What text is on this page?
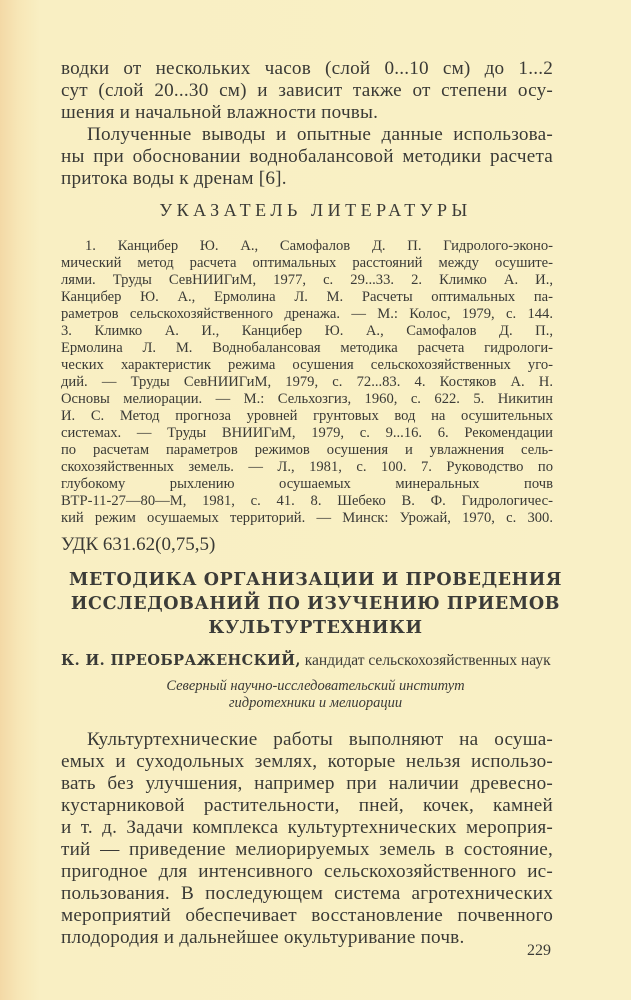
водки от нескольких часов (слой 0...10 см) до 1...2
сут (слой 20...30 см) и зависит также от степени осу-
шения и начальной влажности почвы.
Полученные выводы и опытные данные использова-
ны при обосновании воднобалансовой методики расчета
притока воды к дренам [6].
УКАЗАТЕЛЬ ЛИТЕРАТУРЫ
1. Канцибер Ю. А., Самофалов Д. П. Гидролого-эконо-
мический метод расчета оптимальных расстояний между осушите-
лями. Труды СевНИИГиМ, 1977, с. 29...33. 2. Климко А. И.,
Канцибер Ю. А., Ермолина Л. М. Расчеты оптимальных па-
раметров сельскохозяйственного дренажа. — М.: Колос, 1979, с. 144.
3. Климко А. И., Канцибер Ю. А., Самофалов Д. П.,
Ермолина Л. М. Воднобалансовая методика расчета гидрологи-
ческих характеристик режима осушения сельскохозяйственных уго-
дий. — Труды СевНИИГиМ, 1979, с. 72...83. 4. Костяков А. Н.
Основы мелиорации. — М.: Сельхозгиз, 1960, с. 622. 5. Никитин
И. С. Метод прогноза уровней грунтовых вод на осушительных
системах. — Труды ВНИИГиМ, 1979, с. 9...16. 6. Рекомендации
по расчетам параметров режимов осушения и увлажнения сель-
скохозяйственных земель. — Л., 1981, с. 100. 7. Руководство по
глубокому рыхлению осушаемых минеральных почв
ВТР-11-27—80—М, 1981, с. 41. 8. Шебеко В. Ф. Гидрологичес-
кий режим осушаемых территорий. — Минск: Урожай, 1970, с. 300.
УДК 631.62(0,75,5)
МЕТОДИКА ОРГАНИЗАЦИИ И ПРОВЕДЕНИЯ
ИССЛЕДОВАНИЙ ПО ИЗУЧЕНИЮ ПРИЕМОВ
КУЛЬТУРТЕХНИКИ
К. И. ПРЕОБРАЖЕНСКИЙ, кандидат сельскохозяйственных наук
Северный научно-исследовательский институт
гидротехники и мелиорации
Культуртехнические работы выполняют на осуша-
емых и суходольных землях, которые нельзя использо-
вать без улучшения, например при наличии древесно-
кустарниковой растительности, пней, кочек, камней
и т. д. Задачи комплекса культуртехнических мероприя-
тий — приведение мелиорируемых земель в состояние,
пригодное для интенсивного сельскохозяйственного ис-
пользования. В последующем система агротехнических
мероприятий обеспечивает восстановление почвенного
плодородия и дальнейшее окультуривание почв.
229
